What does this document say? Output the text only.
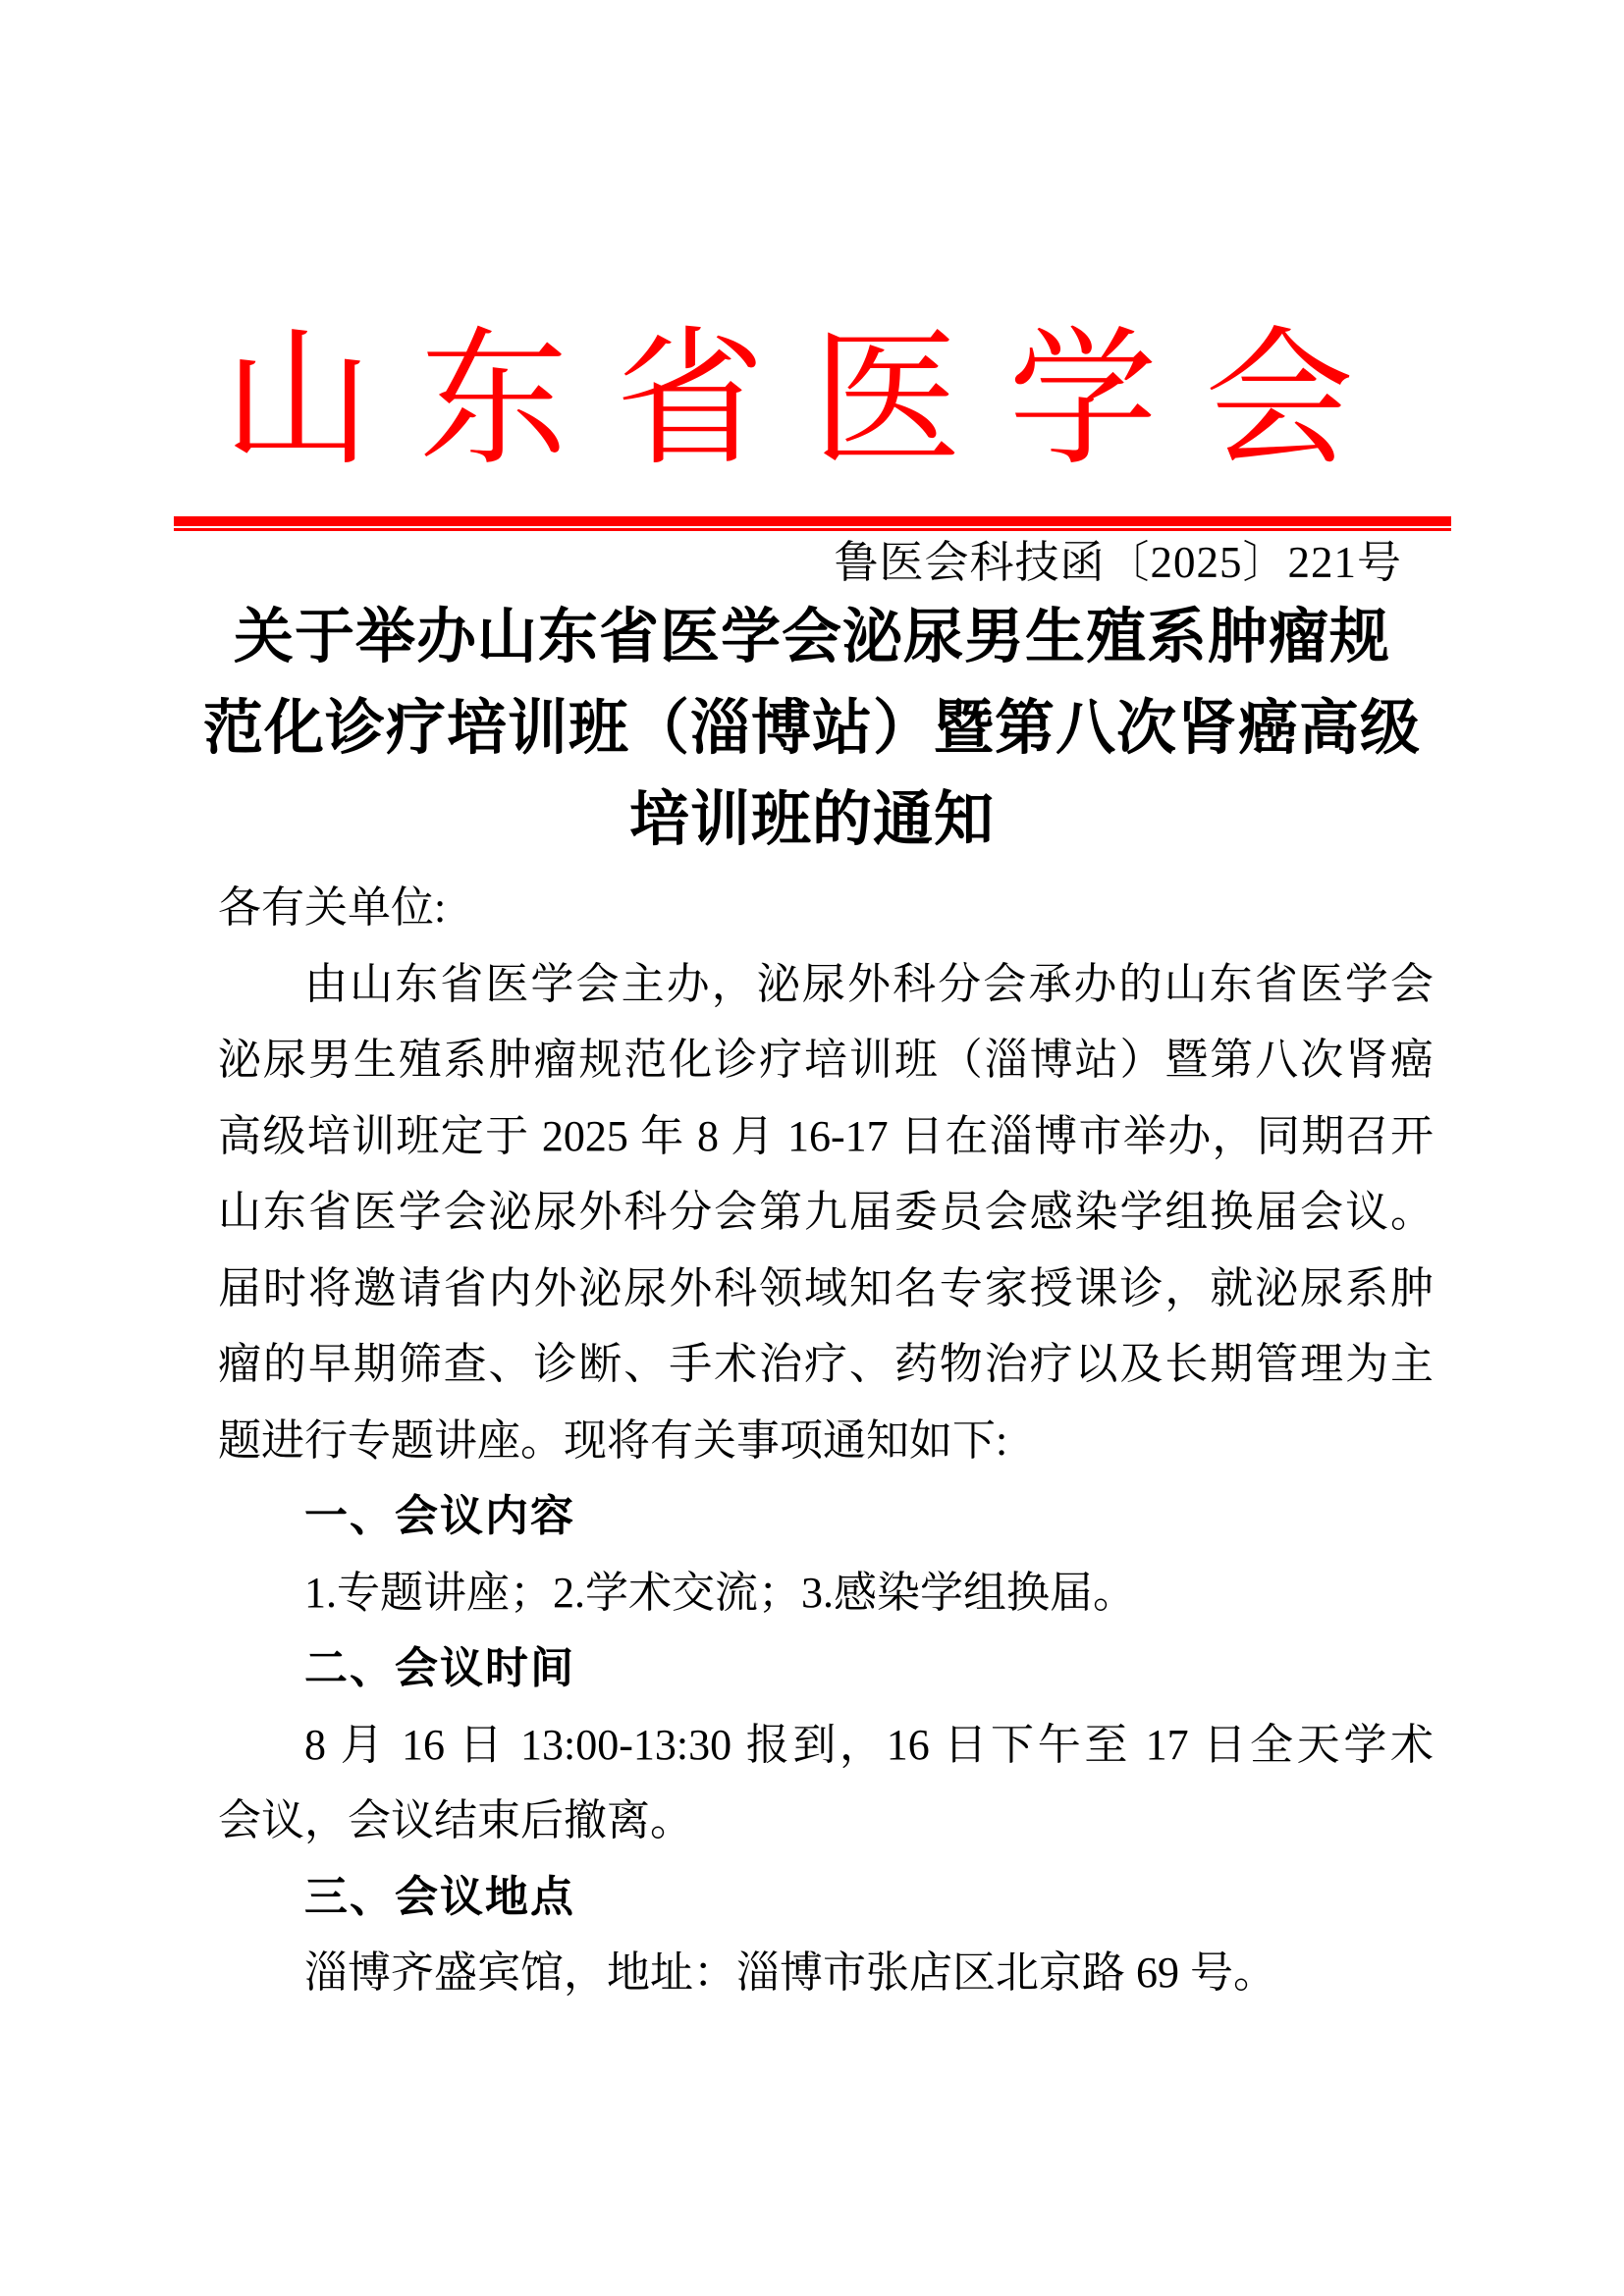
山东省医学会
鲁医会科技函〔2025〕221号
关于举办山东省医学会泌尿男生殖系肿瘤规
范化诊疗培训班（淄博站）暨第八次肾癌高级
培训班的通知
各有关单位:
由山东省医学会主办，泌尿外科分会承办的山东省医学会
泌尿男生殖系肿瘤规范化诊疗培训班（淄博站）暨第八次肾癌
高级培训班定于 2025 年 8 月 16-17 日在淄博市举办，同期召开
山东省医学会泌尿外科分会第九届委员会感染学组换届会议。
届时将邀请省内外泌尿外科领域知名专家授课诊，就泌尿系肿
瘤的早期筛查、诊断、手术治疗、药物治疗以及长期管理为主
题进行专题讲座。现将有关事项通知如下:
一、会议内容
1.专题讲座；2.学术交流；3.感染学组换届。
二、会议时间
8 月 16 日 13:00-13:30 报到，16 日下午至 17 日全天学术
会议，会议结束后撤离。
三、会议地点
淄博齐盛宾馆，地址：淄博市张店区北京路 69 号。
